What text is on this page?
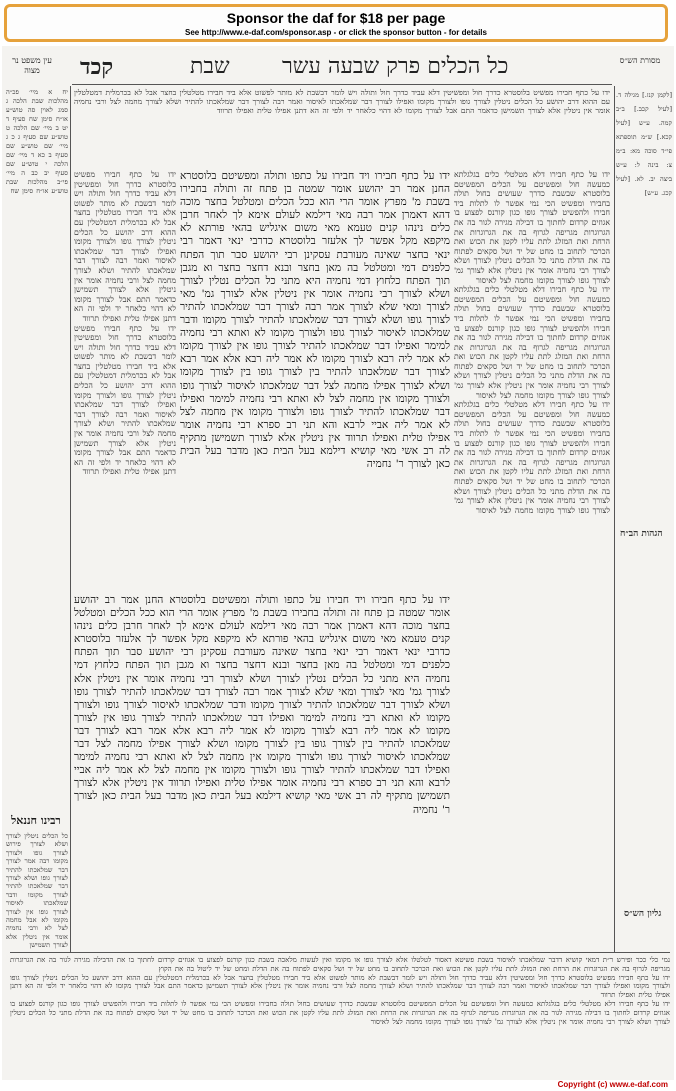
Sponsor the daf for $18 per page
See http://www.e-daf.com/sponsor.asp - or click the sponsor button - for details
עין משפט נר מצוה	כל הכלים פרק שבעה עשר
שבת
קכד	מסורת הש״ס
[לקמן קנז.] מגילה ד. [לעיל קכב.] ב״ב קמה. ע״ש [לעיל קכא.] ש״מ תוספתא פי״ד סוכה מא: ב״מ צ: בינה ל: ע״ש ביצה יב. לא. [לעיל קכג. ע״ש]
הגהות הב״ח
גליון הש״ס
ידו על כתף חבירו מפשיט בלוסטרא כדרך חול ומפשיטין דלא עביד כדרך חול ותולה ויש לומר דבשבת לא מותר לפשוט אלא ביד חבירו מטלטלין בחצר אבל לא בכרמלית דמטלטלין עם ההוא דרב יהושע כל הכלים ניטלין לצורך גופו ולצורך מקומו ואפילו לצורך דבר שמלאכתו לאיסור ואמר רבה לצורך דבר שמלאכתו להתיר ושלא לצורך מחמה לצל ורבי נחמיה אומר אין ניטלין אלא לצורך תשמישן כדאמר התם אבל לצורך מקומו לא דהוי כלאחר יד ולפי זה הא דתנן אפילו טלית ואפילו תרווד
ידו על כתף חבירו דלא מטלטלי כלים בגלגלתא כמעשה חול ומפשיטם על הכלים המפשיטם בלוסטרא שבשבת כדרך שעושים בחול תולה בחבירו ומפשיט הכי נמי אפשר לו לתלות ביד חבירו ולהפשיט לצורך גופו כגון קורנס לפצוע בו אגוזים קרדום לחתוך בו דבילה מגירה לגור בה את הגרוגרות מגריפה לגרוף בה את הגרוגרות את הרחת ואת המזלג לתת עליו לקטן את הכוש ואת הכרכר לתחוב בו מחט של יד ושל סקאים לפתוח בה את הדלת מתני כל הכלים ניטלין לצורך ושלא לצורך רבי נחמיה אומר אין ניטלין אלא לצורך גמ' לצורך גופו לצורך מקומו מחמה לצל לאיסור
ידו על כתף חבירו דלא מטלטלי כלים בגלגלתא כמעשה חול ומפשיטם על הכלים המפשיטם בלוסטרא שבשבת כדרך שעושים בחול תולה בחבירו ומפשיט הכי נמי אפשר לו לתלות ביד חבירו ולהפשיט לצורך גופו כגון קורנס לפצוע בו אגוזים קרדום לחתוך בו דבילה מגירה לגור בה את הגרוגרות מגריפה לגרוף בה את הגרוגרות את הרחת ואת המזלג לתת עליו לקטן את הכוש ואת הכרכר לתחוב בו מחט של יד ושל סקאים לפתוח בה את הדלת מתני כל הכלים ניטלין לצורך ושלא לצורך רבי נחמיה אומר אין ניטלין אלא לצורך גמ' לצורך גופו לצורך מקומו מחמה לצל לאיסור
ידו על כתף חבירו דלא מטלטלי כלים בגלגלתא כמעשה חול ומפשיטם על הכלים המפשיטם בלוסטרא שבשבת כדרך שעושים בחול תולה בחבירו ומפשיט הכי נמי אפשר לו לתלות ביד חבירו ולהפשיט לצורך גופו כגון קורנס לפצוע בו אגוזים קרדום לחתוך בו דבילה מגירה לגור בה את הגרוגרות מגריפה לגרוף בה את הגרוגרות את הרחת ואת המזלג לתת עליו לקטן את הכוש ואת הכרכר לתחוב בו מחט של יד ושל סקאים לפתוח בה את הדלת מתני כל הכלים ניטלין לצורך ושלא לצורך רבי נחמיה אומר אין ניטלין אלא לצורך גמ' לצורך גופו לצורך מקומו מחמה לצל לאיסור
ידו על כתף חבירו מפשיט בלוסטרא כדרך חול ומפשיטין דלא עביד כדרך חול ותולה ויש לומר דבשבת לא מותר לפשוט אלא ביד חבירו מטלטלין בחצר אבל לא בכרמלית דמטלטלין עם ההוא דרב יהושע כל הכלים ניטלין לצורך גופו ולצורך מקומו ואפילו לצורך דבר שמלאכתו לאיסור ואמר רבה לצורך דבר שמלאכתו להתיר ושלא לצורך מחמה לצל ורבי נחמיה אומר אין ניטלין אלא לצורך תשמישן כדאמר התם אבל לצורך מקומו לא דהוי כלאחר יד ולפי זה הא דתנן אפילו טלית ואפילו תרווד
ידו על כתף חבירו מפשיט בלוסטרא כדרך חול ומפשיטין דלא עביד כדרך חול ותולה ויש לומר דבשבת לא מותר לפשוט אלא ביד חבירו מטלטלין בחצר אבל לא בכרמלית דמטלטלין עם ההוא דרב יהושע כל הכלים ניטלין לצורך גופו ולצורך מקומו ואפילו לצורך דבר שמלאכתו לאיסור ואמר רבה לצורך דבר שמלאכתו להתיר ושלא לצורך מחמה לצל ורבי נחמיה אומר אין ניטלין אלא לצורך תשמישן כדאמר התם אבל לצורך מקומו לא דהוי כלאחר יד ולפי זה הא דתנן אפילו טלית ואפילו תרווד
ידו על כתף חבירו ויד חבירו על כתפו ותולה ומפשיטם בלוסטרא החנן אמר רב יהושע אומר שמטה בן פתח זה ותולה בחבירו בשבת מ' מפרץ אומר הרי הוא ככל הכלים ומטלטל בחצר מוכה דהא דאמרן אמר רבה מאי דילמא לעולם אימא לך לאחר חרבן כלים נינהו קנים טעמא מאי משום איגליש בהאי פורתא לא מיקפא מקל אפשר לך אלעזר בלוסטרא כדרבי ינאי דאמר רבי ינאי בחצר שאינה מעורבת עסקינן רבי יהושע סבר תוך הפתח כלפנים דמי ומטלטל בה מאן בחצר ובנא דחצר בחצר וא מגבן תוך הפתח כלחוץ דמי נחמיה היא מתני כל הכלים נטלין לצורך ושלא לצורך רבי נחמיה אומר אין ניטלין אלא לצורך גמ' מאי לצורך ומאי שלא לצורך אמר רבה לצורך דבר שמלאכתו להתיר לצורך גופו ושלא לצורך דבר שמלאכתו להתיר לצורך מקומו ודבר שמלאכתו לאיסור לצורך גופו ולצורך מקומו לא ואתא רבי נחמיה למימר ואפילו דבר שמלאכתו להתיר לצורך גופו אין לצורך מקומו לא אמר ליה רבא לצורך מקומו לא אמר ליה רבא אלא אמר רבא לצורך דבר שמלאכתו להתיר בין לצורך גופו בין לצורך מקומו ושלא לצורך אפילו מחמה לצל דבר שמלאכתו לאיסור לצורך גופו ולצורך מקומו אין מחמה לצל לא ואתא רבי נחמיה למימר ואפילו דבר שמלאכתו להתיר לצורך גופו ולצורך מקומו אין מחמה לצל לא אמר ליה אביי לרבא והא תני רב ספרא רבי נחמיה אומר אפילו טלית ואפילו תרווד אין ניטלין אלא לצורך תשמישן מתקיף לה רב אשי מאי קושיא דילמא בעל הבית כאן מדבר בעל הבית כאן לצורך ר' נחמיה
ידו על כתף חבירו ויד חבירו על כתפו ותולה ומפשיטם בלוסטרא החנן אמר רב יהושע אומר שמטה בן פתח זה ותולה בחבירו בשבת מ' מפרץ אומר הרי הוא ככל הכלים ומטלטל בחצר מוכה דהא דאמרן אמר רבה מאי דילמא לעולם אימא לך לאחר חרבן כלים נינהו קנים טעמא מאי משום איגליש בהאי פורתא לא מיקפא מקל אפשר לך אלעזר בלוסטרא כדרבי ינאי דאמר רבי ינאי בחצר שאינה מעורבת עסקינן רבי יהושע סבר תוך הפתח כלפנים דמי ומטלטל בה מאן בחצר ובנא דחצר בחצר וא מגבן תוך הפתח כלחוץ דמי נחמיה היא מתני כל הכלים נטלין לצורך ושלא לצורך רבי נחמיה אומר אין ניטלין אלא לצורך גמ' מאי לצורך ומאי שלא לצורך אמר רבה לצורך דבר שמלאכתו להתיר לצורך גופו ושלא לצורך דבר שמלאכתו להתיר לצורך מקומו ודבר שמלאכתו לאיסור לצורך גופו ולצורך מקומו לא ואתא רבי נחמיה למימר ואפילו דבר שמלאכתו להתיר לצורך גופו אין לצורך מקומו לא אמר ליה רבא לצורך מקומו לא אמר ליה רבא אלא אמר רבא לצורך דבר שמלאכתו להתיר בין לצורך גופו בין לצורך מקומו ושלא לצורך אפילו מחמה לצל דבר שמלאכתו לאיסור לצורך גופו ולצורך מקומו אין מחמה לצל לא ואתא רבי נחמיה למימר ואפילו דבר שמלאכתו להתיר לצורך גופו ולצורך מקומו אין מחמה לצל לא אמר ליה אביי לרבא והא תני רב ספרא רבי נחמיה אומר אפילו טלית ואפילו תרווד אין ניטלין אלא לצורך תשמישן מתקיף לה רב אשי מאי קושיא דילמא בעל הבית כאן מדבר בעל הבית כאן לצורך ר' נחמיה
יח א מיי׳ פכ״ה מהלכות שבת הלכה ג סמג לאוין סה טוש״ע או״ח סימן שח סעיף ד יט ב מיי׳ שם הלכה ט טוש״ע שם סעיף ג כ ג מיי׳ שם טוש״ע שם סעיף ב כא ד מיי׳ שם הלכה י טוש״ע שם סעיף יב כב ה מיי׳ פי״ב מהלכות שבת טוש״ע או״ח סימן שח
רבינו חננאל
כל הכלים ניטלין לצורך ושלא לצורך פירוש לצורך גופו ולצורך מקומו רבה אמר לצורך דבר שמלאכתו להתיר לצורך גופו ושלא לצורך דבר שמלאכתו להתיר לצורך מקומו ודבר שמלאכתו לאיסור לצורך גופו אין לצורך מקומו לא אבל מחמה לצל לא ורבי נחמיה אומר אין ניטלין אלא לצורך תשמישן
נמי כלי ככר ופירש ר״ת דמאי קושיא דדבר שמלאכתו לאיסור בשבת פשיטא דאסור לטלטלו אלא לצורך גופו או מקומו ואין לעשות מלאכה בשבת כגון קורנס לפצוע בו אגוזים קרדום לחתוך בו את הדבילה מגירה לגור בה את הגרוגרות מגריפה לגרוף בה את הגרוגרות את הרחת ואת המזלג לתת עליו לקטן את הכוש ואת הכרכר לתחוב בו מחט של יד ושל סקאים לפתוח בה את הדלת ומחט של יד ליטול בה את הקוץ
ידו על כתף חבירו מפשיט בלוסטרא כדרך חול ומפשיטין דלא עביד כדרך חול ותולה ויש לומר דבשבת לא מותר לפשוט אלא ביד חבירו מטלטלין בחצר אבל לא בכרמלית דמטלטלין עם ההוא דרב יהושע כל הכלים ניטלין לצורך גופו ולצורך מקומו ואפילו לצורך דבר שמלאכתו לאיסור ואמר רבה לצורך דבר שמלאכתו להתיר ושלא לצורך מחמה לצל ורבי נחמיה אומר אין ניטלין אלא לצורך תשמישן כדאמר התם אבל לצורך מקומו לא דהוי כלאחר יד ולפי זה הא דתנן אפילו טלית ואפילו תרווד
ידו על כתף חבירו דלא מטלטלי כלים בגלגלתא כמעשה חול ומפשיטם על הכלים המפשיטם בלוסטרא שבשבת כדרך שעושים בחול תולה בחבירו ומפשיט הכי נמי אפשר לו לתלות ביד חבירו ולהפשיט לצורך גופו כגון קורנס לפצוע בו אגוזים קרדום לחתוך בו דבילה מגירה לגור בה את הגרוגרות מגריפה לגרוף בה את הגרוגרות את הרחת ואת המזלג לתת עליו לקטן את הכוש ואת הכרכר לתחוב בו מחט של יד ושל סקאים לפתוח בה את הדלת מתני כל הכלים ניטלין לצורך ושלא לצורך רבי נחמיה אומר אין ניטלין אלא לצורך גמ' לצורך גופו לצורך מקומו מחמה לצל לאיסור
Copyright (c) www.e-daf.com
